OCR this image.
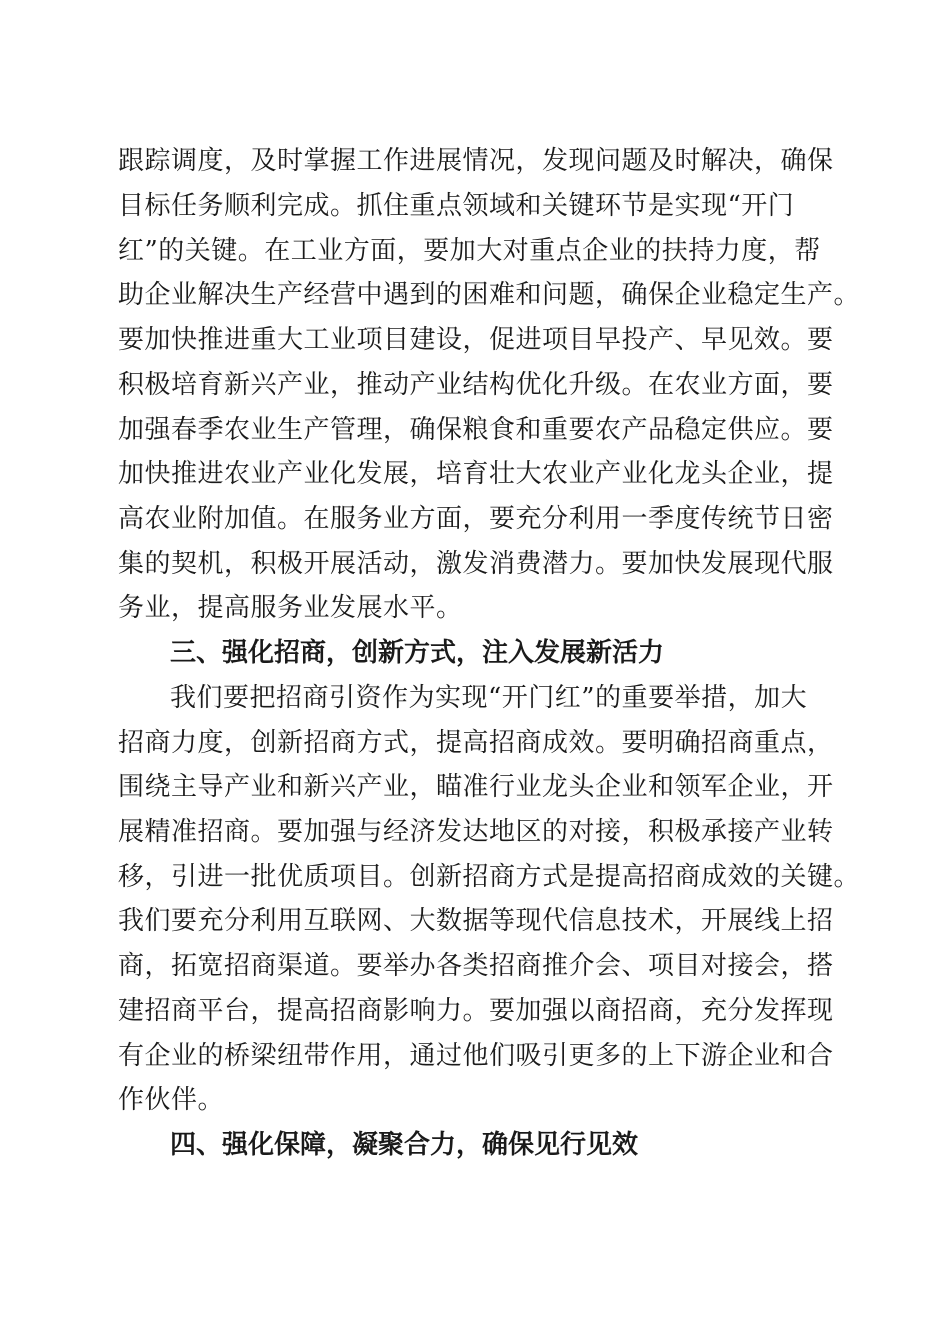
跟踪调度，及时掌握工作进展情况，发现问题及时解决，确保
目标任务顺利完成。抓住重点领域和关键环节是实现“开门
红”的关键。在工业方面，要加大对重点企业的扶持力度，帮
助企业解决生产经营中遇到的困难和问题，确保企业稳定生产。
要加快推进重大工业项目建设，促进项目早投产、早见效。要
积极培育新兴产业，推动产业结构优化升级。在农业方面，要
加强春季农业生产管理，确保粮食和重要农产品稳定供应。要
加快推进农业产业化发展，培育壮大农业产业化龙头企业，提
高农业附加值。在服务业方面，要充分利用一季度传统节日密
集的契机，积极开展活动，激发消费潜力。要加快发展现代服
务业，提高服务业发展水平。
三、强化招商，创新方式，注入发展新活力
我们要把招商引资作为实现“开门红”的重要举措，加大
招商力度，创新招商方式，提高招商成效。要明确招商重点，
围绕主导产业和新兴产业，瞄准行业龙头企业和领军企业，开
展精准招商。要加强与经济发达地区的对接，积极承接产业转
移，引进一批优质项目。创新招商方式是提高招商成效的关键。
我们要充分利用互联网、大数据等现代信息技术，开展线上招
商，拓宽招商渠道。要举办各类招商推介会、项目对接会，搭
建招商平台，提高招商影响力。要加强以商招商，充分发挥现
有企业的桥梁纽带作用，通过他们吸引更多的上下游企业和合
作伙伴。
四、强化保障，凝聚合力，确保见行见效
